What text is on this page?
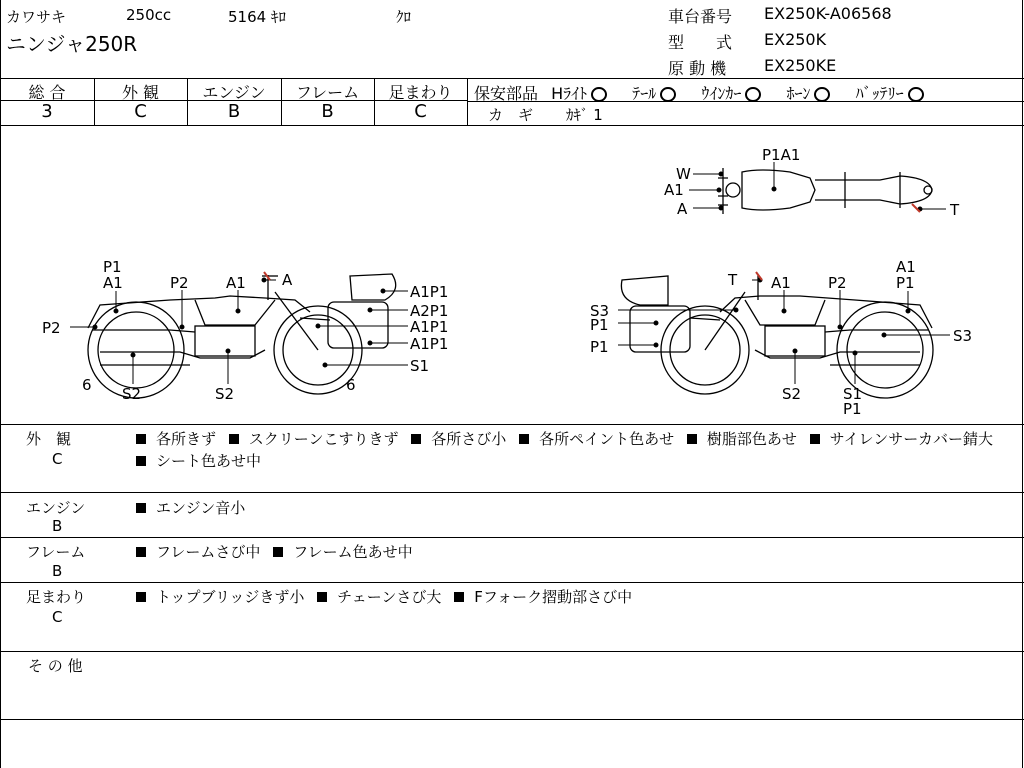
カワサキ	250cc	5164 ｷﾛ	ｸﾛ
ニンジャ250R
車台番号 EX250K-A06568
型　　式 EX250K
原 動 機 EX250KE
総 合	外 観	エンジン	フレーム	足まわり
3	C	B	B	C
保安部品 Hﾗｲﾄ	ﾃｰﾙ	ｳｲﾝｶｰ	ﾎｰﾝ	ﾊﾞｯﾃﾘｰ
カ　ギ ｶｷﾞ 1
P1A1
W
A1
A	T
P1
A1	P2 A1 A
P2
A1P1
A2P1
A1P1
A1P1
S1
6	6
S2	S2
T A1 P2
A1
P1
S3
P1
P1
S3
S2	S1
P1
外　観
C
各所きず スクリーンこすりきず 各所さび小 各所ペイント色あせ 樹脂部色あせ サイレンサーカバー錆大 シート色あせ中
エンジン
B
エンジン音小
フレーム
B
フレームさび中 フレーム色あせ中
足まわり
C
トップブリッジきず小 チェーンさび大 Fフォーク摺動部さび中
そ の 他
